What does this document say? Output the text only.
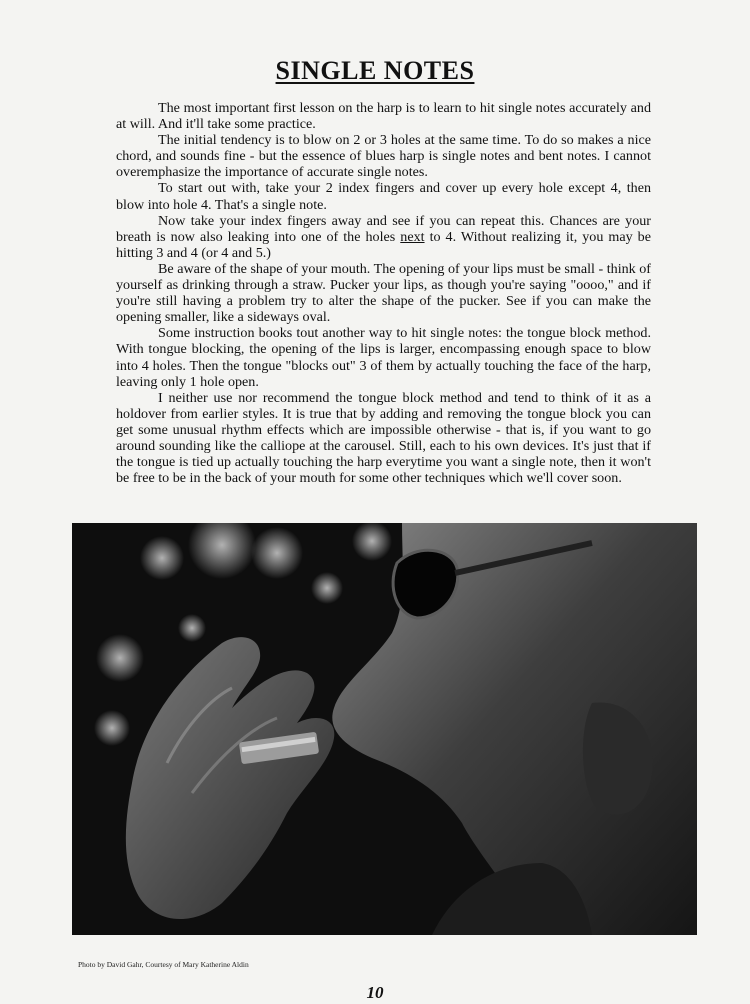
SINGLE NOTES

The most important first lesson on the harp is to learn to hit single notes accurately and at will. And it'll take some practice.

The initial tendency is to blow on 2 or 3 holes at the same time. To do so makes a nice chord, and sounds fine - but the essence of blues harp is single notes and bent notes. I cannot overemphasize the importance of accurate single notes.

To start out with, take your 2 index fingers and cover up every hole except 4, then blow into hole 4. That's a single note.

Now take your index fingers away and see if you can repeat this. Chances are your breath is now also leaking into one of the holes next to 4. Without realizing it, you may be hitting 3 and 4 (or 4 and 5.)

Be aware of the shape of your mouth. The opening of your lips must be small - think of yourself as drinking through a straw. Pucker your lips, as though you're saying "oooo," and if you're still having a problem try to alter the shape of the pucker. See if you can make the opening smaller, like a sideways oval.

Some instruction books tout another way to hit single notes: the tongue block method. With tongue blocking, the opening of the lips is larger, encompassing enough space to blow into 4 holes. Then the tongue "blocks out" 3 of them by actually touching the face of the harp, leaving only 1 hole open.

I neither use nor recommend the tongue block method and tend to think of it as a holdover from earlier styles. It is true that by adding and removing the tongue block you can get some unusual rhythm effects which are impossible otherwise - that is, if you want to go around sounding like the calliope at the carousel. Still, each to his own devices. It's just that if the tongue is tied up actually touching the harp everytime you want a single note, then it won't be free to be in the back of your mouth for some other techniques which we'll cover soon.

Photo by David Gahr, Courtesy of Mary Katherine Aldin
10
